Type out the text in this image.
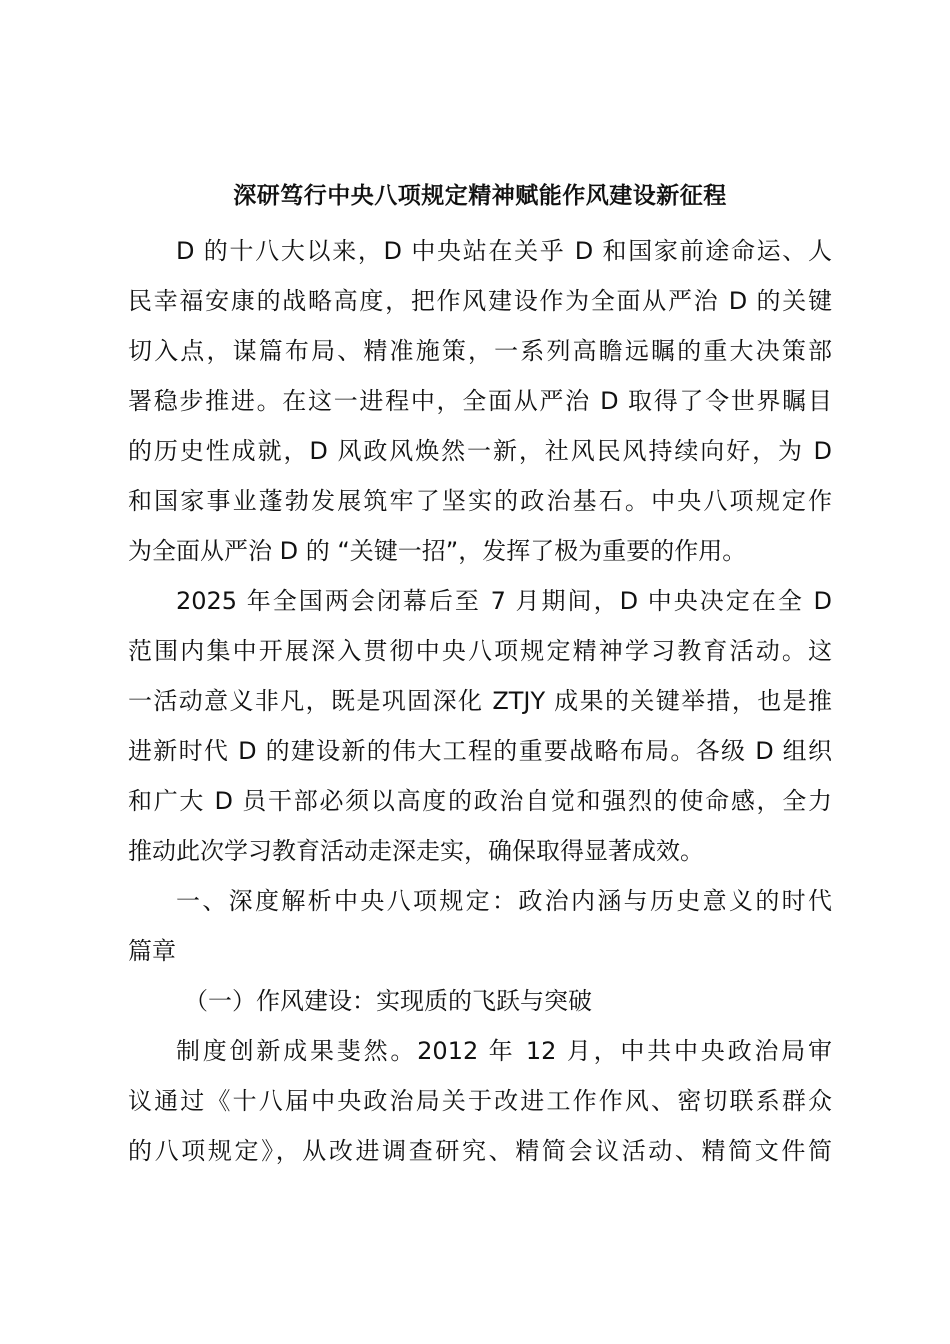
深研笃行中央八项规定精神赋能作风建设新征程
D 的十八大以来，D 中央站在关乎 D 和国家前途命运、人
民幸福安康的战略高度，把作风建设作为全面从严治 D 的关键
切入点，谋篇布局、精准施策，一系列高瞻远瞩的重大决策部
署稳步推进。在这一进程中，全面从严治 D 取得了令世界瞩目
的历史性成就，D 风政风焕然一新，社风民风持续向好，为 D
和国家事业蓬勃发展筑牢了坚实的政治基石。中央八项规定作
为全面从严治 D 的 “关键一招”，发挥了极为重要的作用。
2025 年全国两会闭幕后至 7 月期间，D 中央决定在全 D
范围内集中开展深入贯彻中央八项规定精神学习教育活动。这
一活动意义非凡，既是巩固深化 ZTJY 成果的关键举措，也是推
进新时代 D 的建设新的伟大工程的重要战略布局。各级 D 组织
和广大 D 员干部必须以高度的政治自觉和强烈的使命感，全力
推动此次学习教育活动走深走实，确保取得显著成效。
一、深度解析中央八项规定：政治内涵与历史意义的时代
篇章
（一）作风建设：实现质的飞跃与突破
制度创新成果斐然。2012 年 12 月，中共中央政治局审
议通过《十八届中央政治局关于改进工作作风、密切联系群众
的八项规定》，从改进调查研究、精简会议活动、精简文件简
